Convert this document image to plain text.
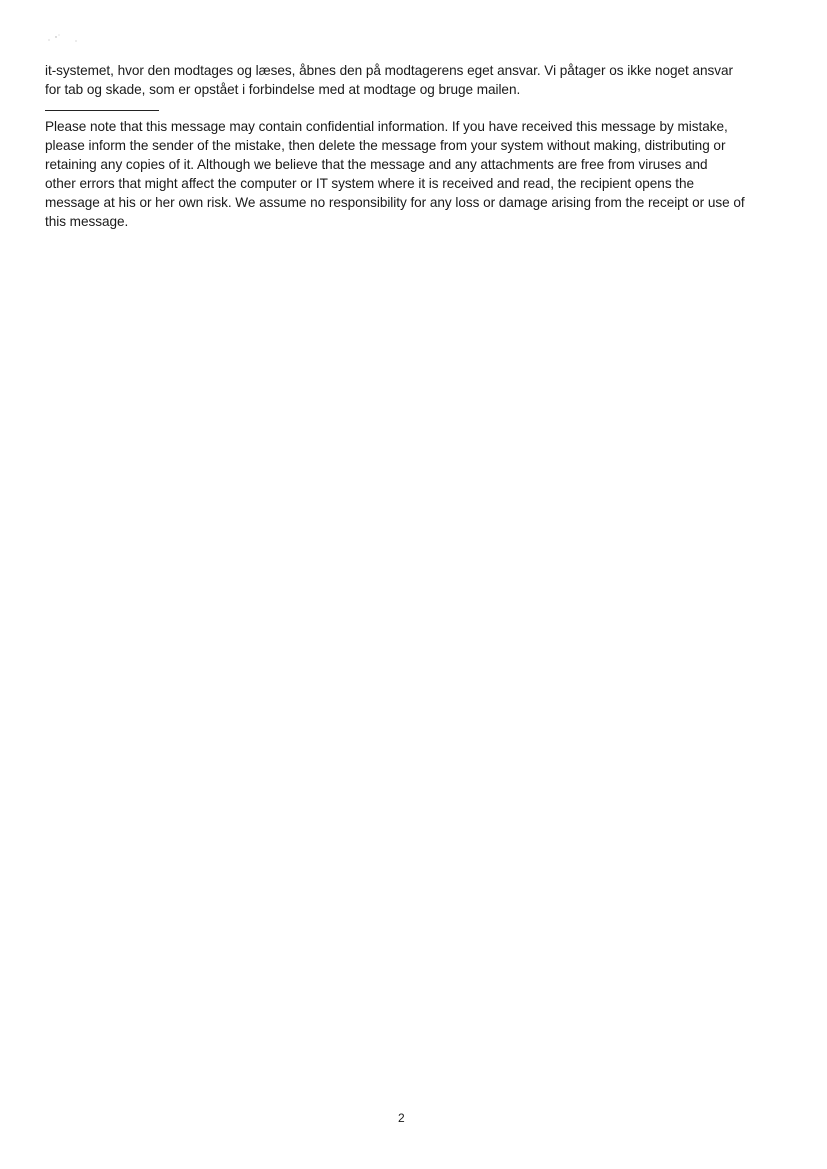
it-systemet, hvor den modtages og læses, åbnes den på modtagerens eget ansvar. Vi påtager os ikke noget ansvar
for tab og skade, som er opstået i forbindelse med at modtage og bruge mailen.
Please note that this message may contain confidential information. If you have received this message by mistake,
please inform the sender of the mistake, then delete the message from your system without making, distributing or
retaining any copies of it. Although we believe that the message and any attachments are free from viruses and
other errors that might affect the computer or IT system where it is received and read, the recipient opens the
message at his or her own risk. We assume no responsibility for any loss or damage arising from the receipt or use of
this message.
2
